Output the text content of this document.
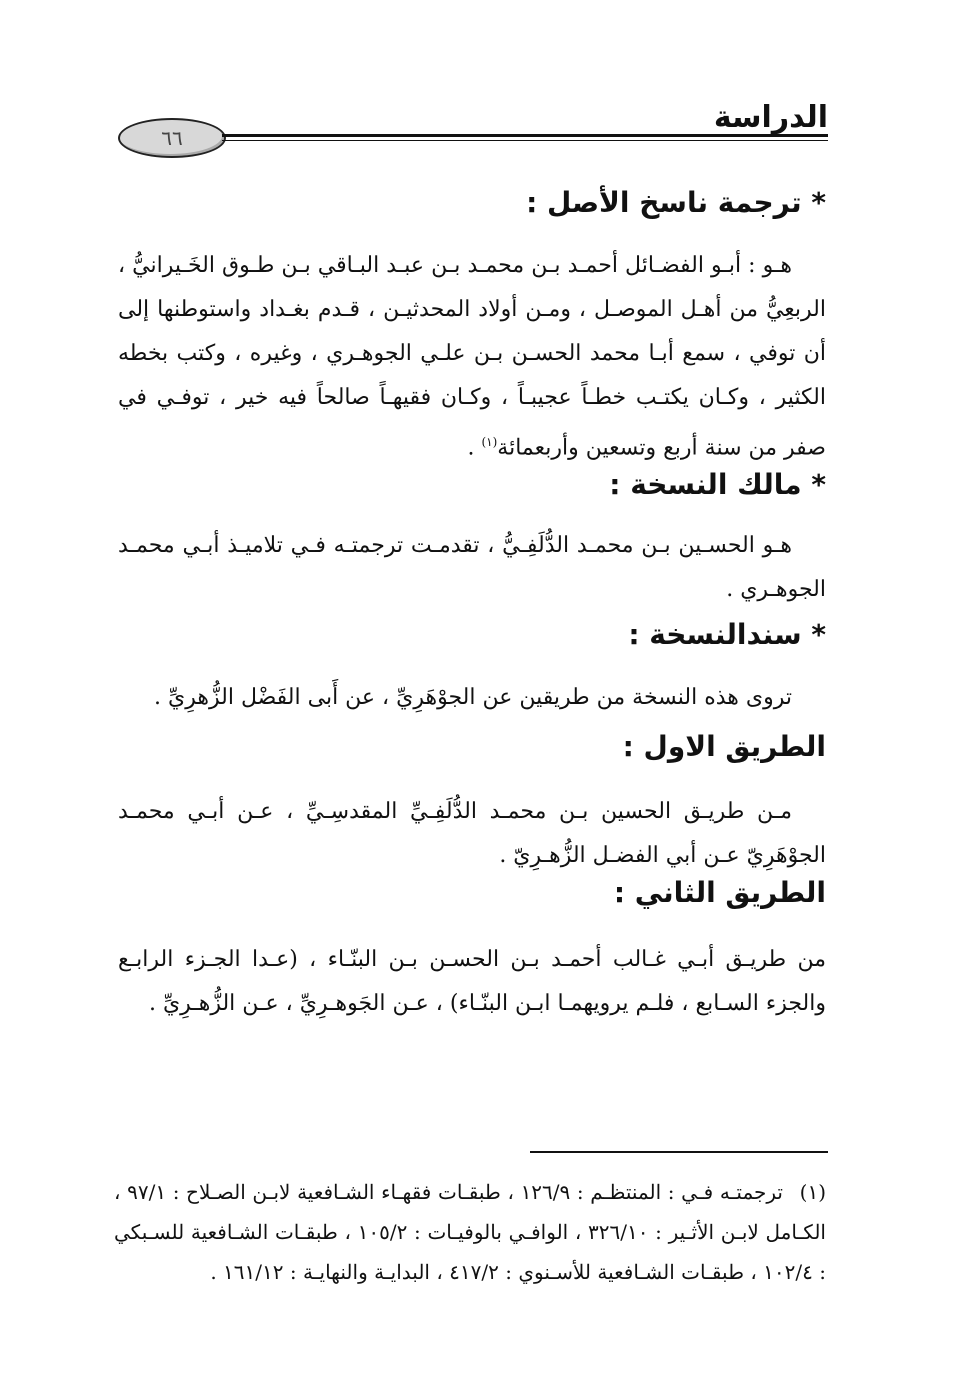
٦٦
الدراسة
* ترجمة ناسخ الأصل :

هـو : أبـو الفضـائل أحمـد بـن محمـد بـن عبـد البـاقي بـن طـوق الخَـيرانيُّ ، الربعِيُّ من أهـل الموصـل ، ومـن أولاد المحدثيـن ، قـدم بغـداد واستوطنها إلى أن توفي ، سمع أبـا محمد الحسـن بـن علـي الجوهـري ، وغيره ، وكتب بخطه الكثير ، وكـان يكتـب خطـاً عجيبـاً ، وكـان فقيهـاً صالحاً فيه خير ، توفـي في صفر من سنة أربع وتسعين وأربعمائة$^{(١)}$ .

* مالك النسخة :

هـو الحسـين بـن محمـد الدُّلَفِـيُّ ، تقدمـت ترجمتـه فـي تلاميـذ أبـي محمـد الجوهـري .

* سندالنسخة :

تروى هذه النسخة من طريقين عن الجوْهَرِيِّ ، عن أَبى الفَضْل الزُّهرِيِّ .

الطريق الاول :

مـن طريـق الحسين بـن محمـد الدُّلَفِـيِّ المقدسِـيِّ ، عـن أبـي محمـد الجوْهَرِيّ عـن أبي الفضـل الزُّهـرِيّ .

الطريق الثاني :

من طريـق أبـي غـالب أحمـد بـن الحسـن بـن البنّـاء ، (عـدا الجـزء الرابـع والجزء السـابع ، فلـم يرويهمـا ابـن البنّـاء) ، عـن الجَوهـرِيِّ ، عـن الزُّهـرِيِّ .

(١) ترجمتـه فـي : المنتظـم : ١٢٦/٩ ، طبقـات فقهـاء الشـافعية لابـن الصـلاح : ٩٧/١ ، الكـامل لابـن الأثـير : ٣٢٦/١٠ ، الوافـي بالوفيـات : ١٠٥/٢ ، طبقـات الشـافعية للسـبكي : ١٠٢/٤ ، طبقـات الشـافعية للأسـنوي : ٤١٧/٢ ، البدايـة والنهايـة : ١٦١/١٢ .
